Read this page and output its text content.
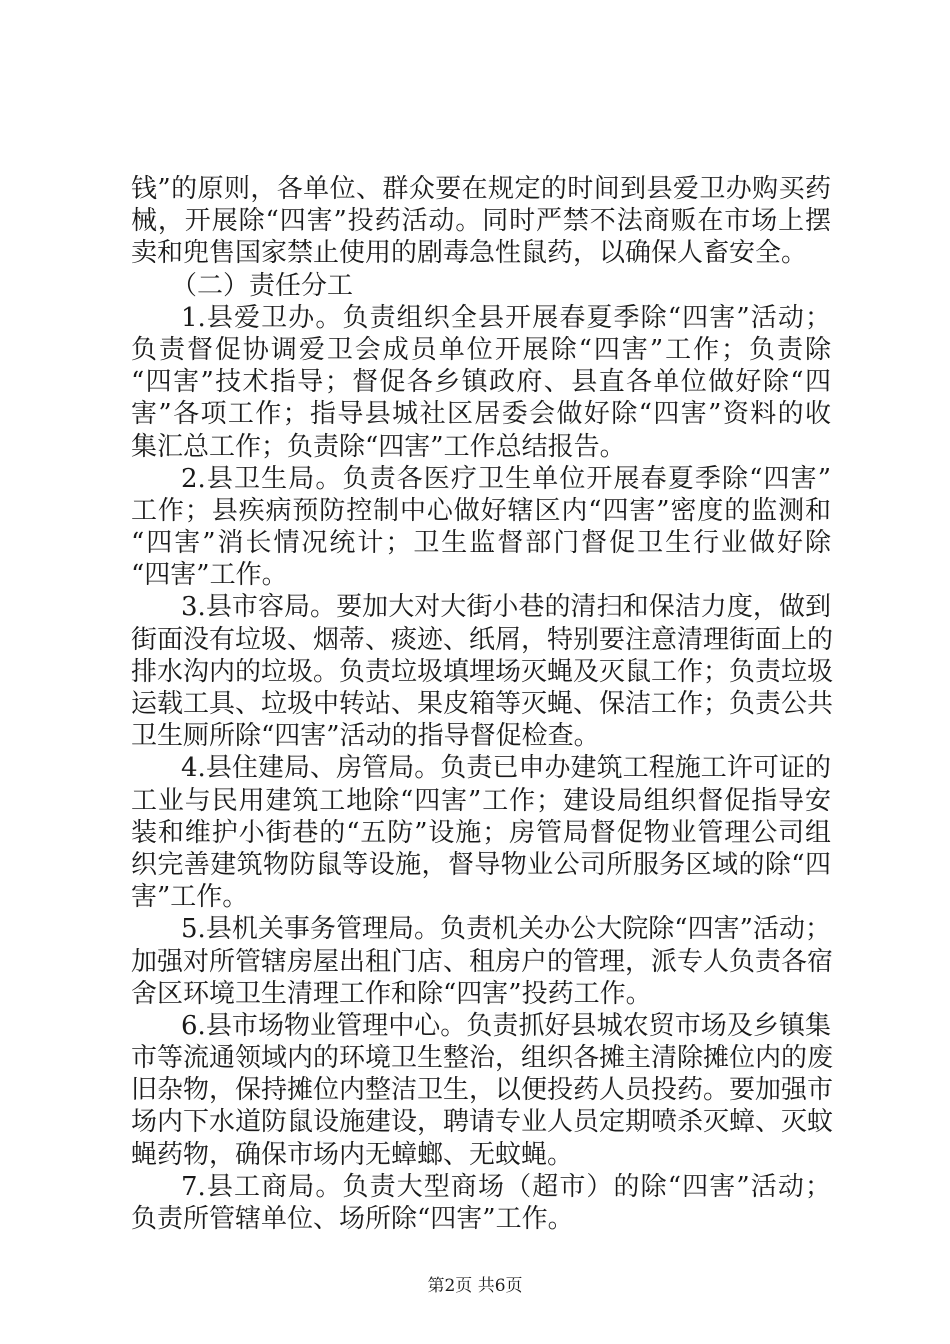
钱”的原则，各单位、群众要在规定的时间到县爱卫办购买药
械，开展除“四害”投药活动。同时严禁不法商贩在市场上摆
卖和兜售国家禁止使用的剧毒急性鼠药，以确保人畜安全。
（二）责任分工
1.县爱卫办。负责组织全县开展春夏季除“四害”活动；
负责督促协调爱卫会成员单位开展除“四害”工作；负责除
“四害”技术指导；督促各乡镇政府、县直各单位做好除“四
害”各项工作；指导县城社区居委会做好除“四害”资料的收
集汇总工作；负责除“四害”工作总结报告。
2.县卫生局。负责各医疗卫生单位开展春夏季除“四害”
工作；县疾病预防控制中心做好辖区内“四害”密度的监测和
“四害”消长情况统计；卫生监督部门督促卫生行业做好除
“四害”工作。
3.县市容局。要加大对大街小巷的清扫和保洁力度，做到
街面没有垃圾、烟蒂、痰迹、纸屑，特别要注意清理街面上的
排水沟内的垃圾。负责垃圾填埋场灭蝇及灭鼠工作；负责垃圾
运载工具、垃圾中转站、果皮箱等灭蝇、保洁工作；负责公共
卫生厕所除“四害”活动的指导督促检查。
4.县住建局、房管局。负责已申办建筑工程施工许可证的
工业与民用建筑工地除“四害”工作；建设局组织督促指导安
装和维护小街巷的“五防”设施；房管局督促物业管理公司组
织完善建筑物防鼠等设施，督导物业公司所服务区域的除“四
害”工作。
5.县机关事务管理局。负责机关办公大院除“四害”活动；
加强对所管辖房屋出租门店、租房户的管理，派专人负责各宿
舍区环境卫生清理工作和除“四害”投药工作。
6.县市场物业管理中心。负责抓好县城农贸市场及乡镇集
市等流通领域内的环境卫生整治，组织各摊主清除摊位内的废
旧杂物，保持摊位内整洁卫生，以便投药人员投药。要加强市
场内下水道防鼠设施建设，聘请专业人员定期喷杀灭蟑、灭蚊
蝇药物，确保市场内无蟑螂、无蚊蝇。
7.县工商局。负责大型商场（超市）的除“四害”活动；
负责所管辖单位、场所除“四害”工作。
第2页 共6页
